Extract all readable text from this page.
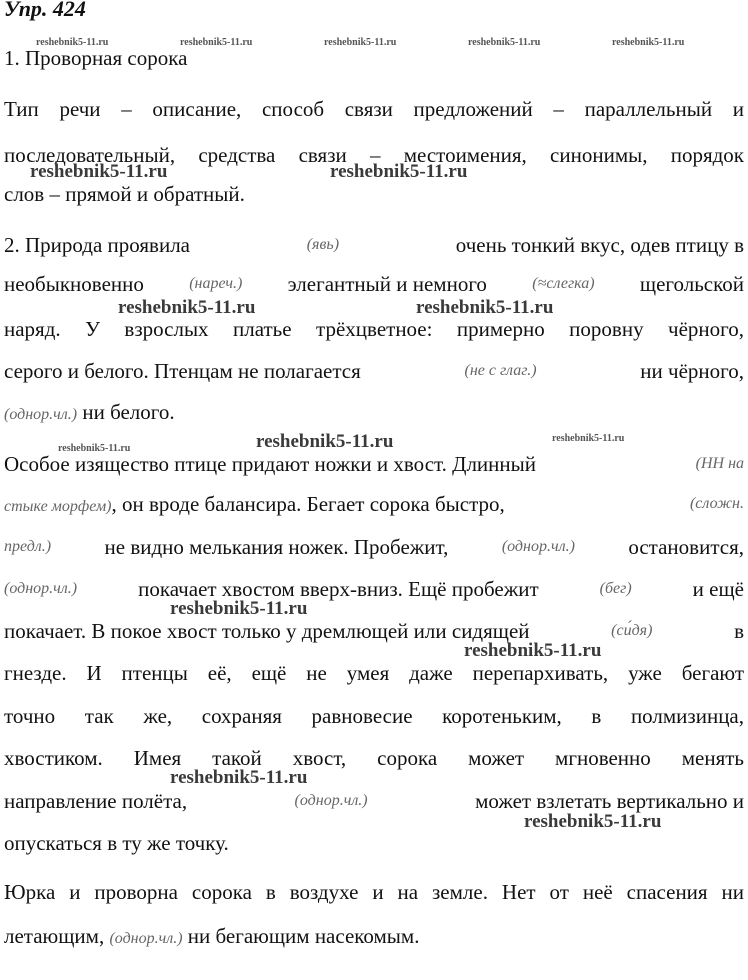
Упр. 424
reshebnik5-11.ru	reshebnik5-11.ru	reshebnik5-11.ru	reshebnik5-11.ru	reshebnik5-11.ru
1. Проворная сорока
Тип речи – описание, способ связи предложений – параллельный и
последовательный, средства связи – местоимения, синонимы, порядок
reshebnik5-11.ru	reshebnik5-11.ru
слов – прямой и обратный.
2. Природа проявила	(явь)	очень тонкий вкус, одев птицу в
необыкновенно	(нареч.) элегантный и немного	(≈слегка) щегольской
reshebnik5-11.ru	reshebnik5-11.ru
наряд. У взрослых платье трёхцветное: примерно поровну чёрного,
серого и белого. Птенцам не полагается	(не с глаг.)	ни чёрного,
(однор.чл.) ни белого.
reshebnik5-11.ru	reshebnik5-11.ru
Особое изящество птице придают ножки и хвост. Длинный	(НН на
reshebnik5-11.ru
стыке морфем), он вроде балансира. Бегает сорока быстро,	(сложн.
предл.)	не видно мелькания ножек. Пробежит,	(однор.чл.)	остановится,
(однор.чл.)	покачает хвостом вверх-вниз. Ещё пробежит	(бег)	и ещё
reshebnik5-11.ru
покачает. В покое хвост только у дремлющей или сидящей	(си́дя)	в
reshebnik5-11.ru
гнезде. И птенцы её, ещё не умея даже перепархивать, уже бегают
точно так же, сохраняя равновесие коротеньким, в полмизинца,
хвостиком. Имея такой хвост, сорока может мгновенно менять
reshebnik5-11.ru
направление полёта,	(однор.чл.)	может взлетать вертикально и
reshebnik5-11.ru
опускаться в ту же точку.
Юрка и проворна сорока в воздухе и на земле. Нет от неё спасения ни
летающим, (однор.чл.) ни бегающим насекомым.
